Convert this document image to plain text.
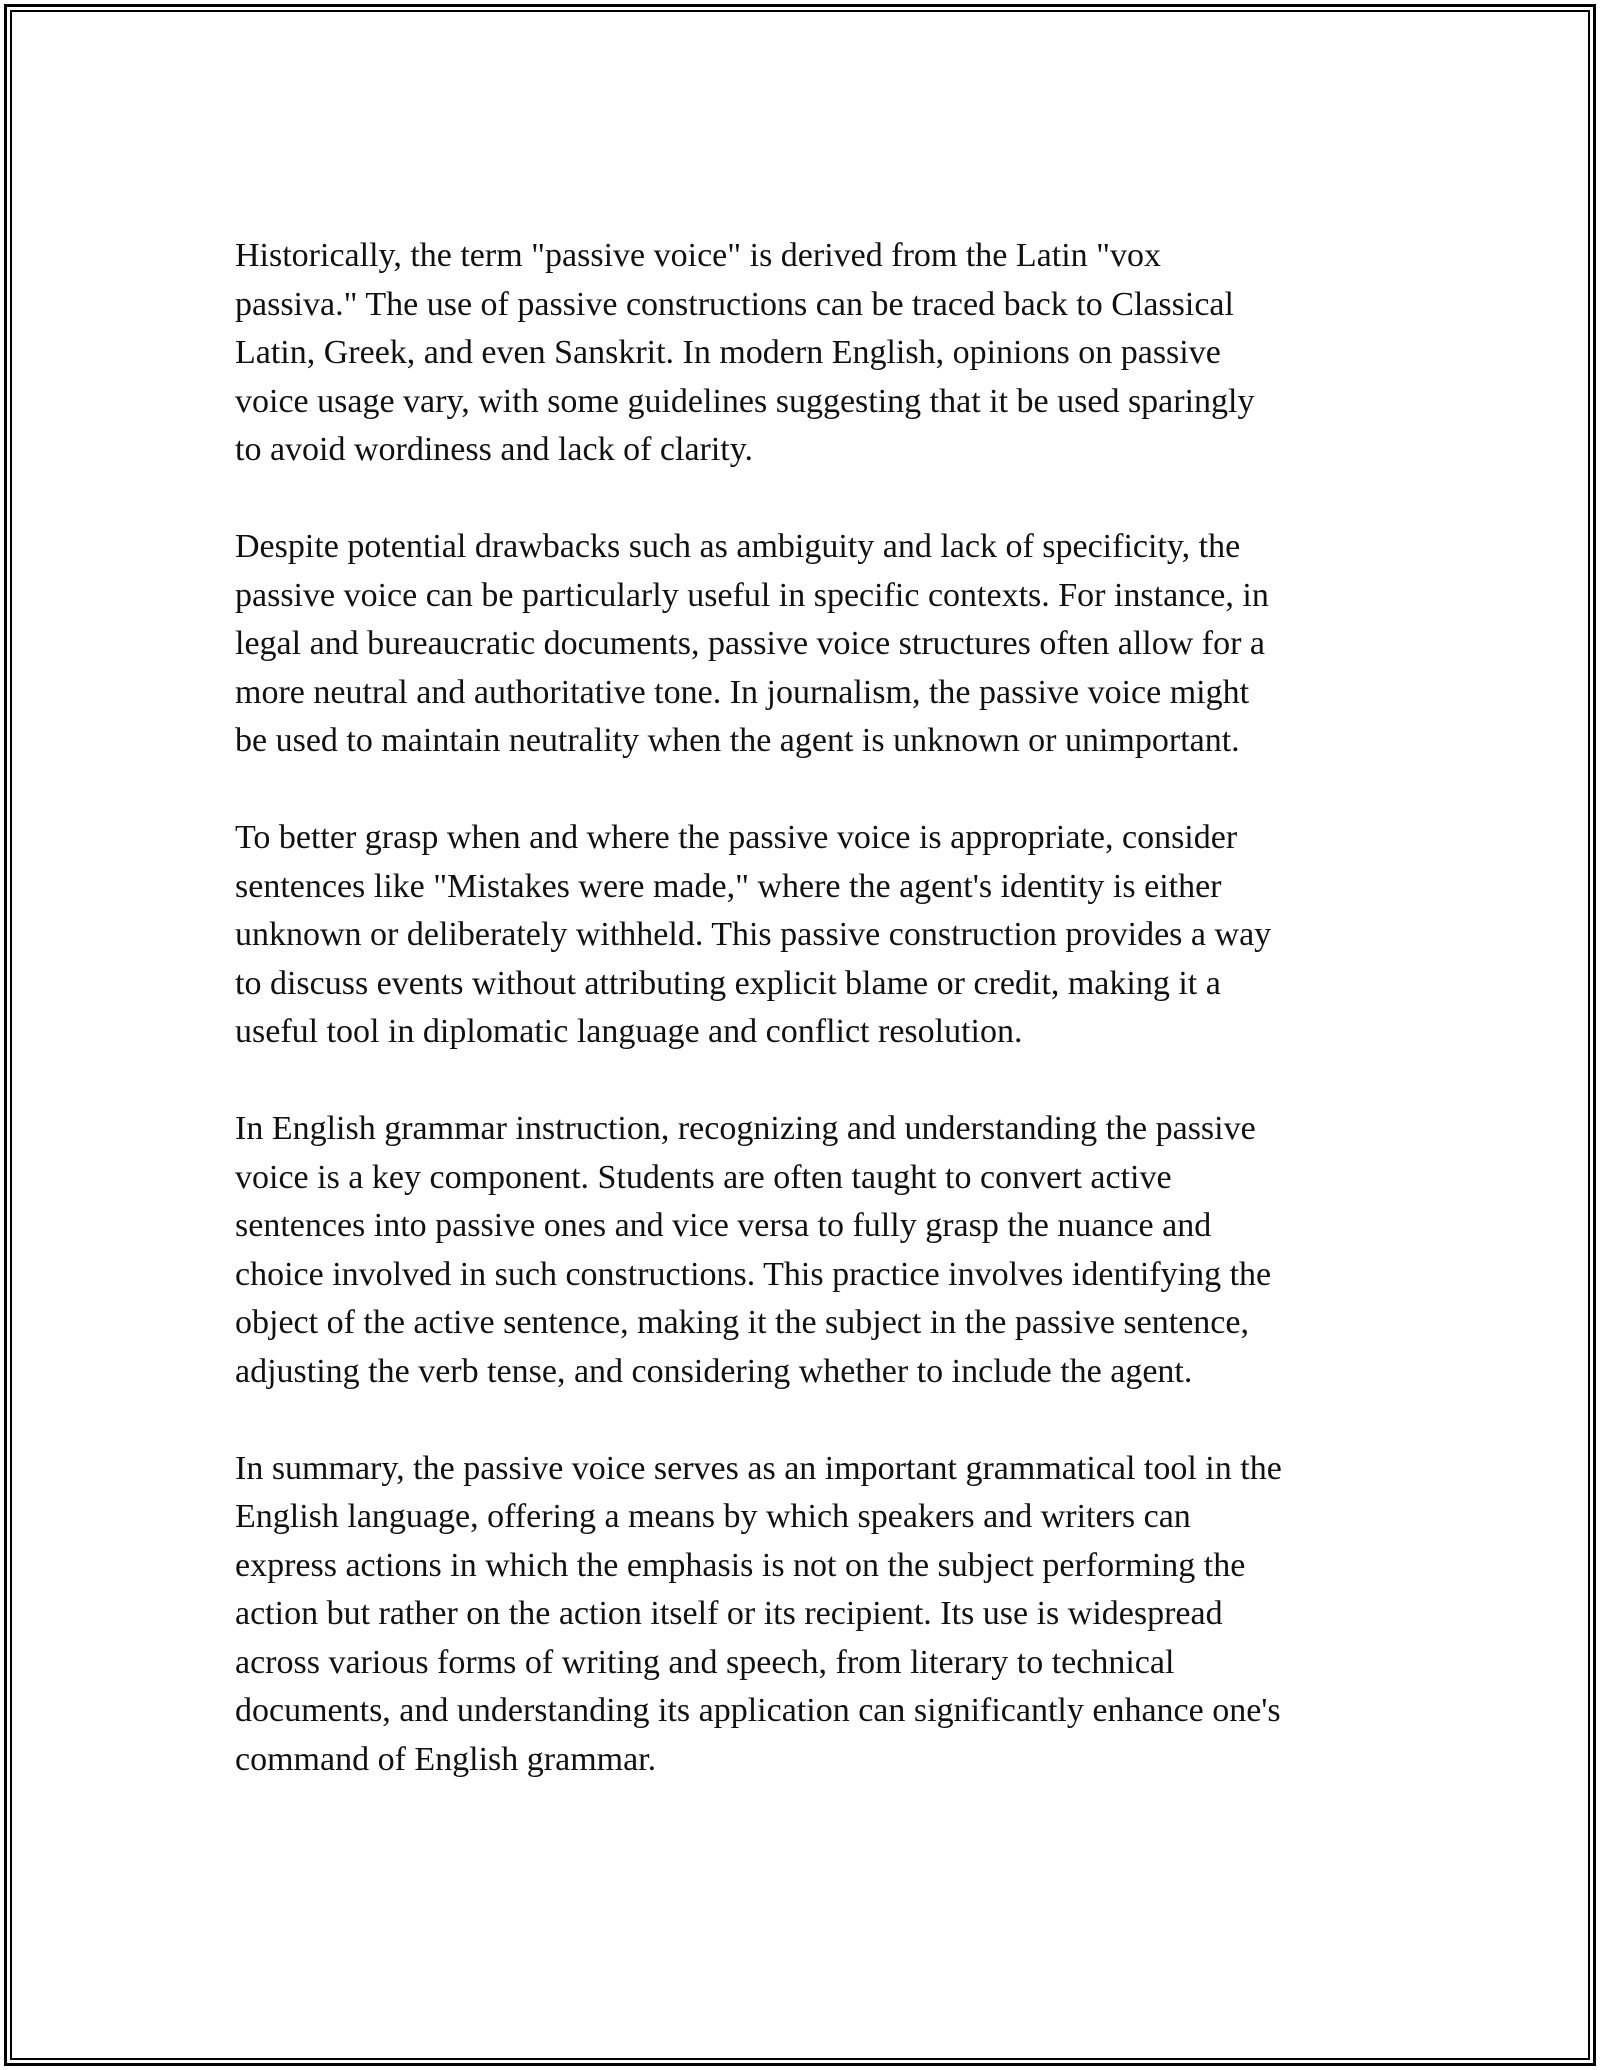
Historically, the term "passive voice" is derived from the Latin "vox
passiva." The use of passive constructions can be traced back to Classical
Latin, Greek, and even Sanskrit. In modern English, opinions on passive
voice usage vary, with some guidelines suggesting that it be used sparingly
to avoid wordiness and lack of clarity.

Despite potential drawbacks such as ambiguity and lack of specificity, the
passive voice can be particularly useful in specific contexts. For instance, in
legal and bureaucratic documents, passive voice structures often allow for a
more neutral and authoritative tone. In journalism, the passive voice might
be used to maintain neutrality when the agent is unknown or unimportant.

To better grasp when and where the passive voice is appropriate, consider
sentences like "Mistakes were made," where the agent's identity is either
unknown or deliberately withheld. This passive construction provides a way
to discuss events without attributing explicit blame or credit, making it a
useful tool in diplomatic language and conflict resolution.

In English grammar instruction, recognizing and understanding the passive
voice is a key component. Students are often taught to convert active
sentences into passive ones and vice versa to fully grasp the nuance and
choice involved in such constructions. This practice involves identifying the
object of the active sentence, making it the subject in the passive sentence,
adjusting the verb tense, and considering whether to include the agent.

In summary, the passive voice serves as an important grammatical tool in the
English language, offering a means by which speakers and writers can
express actions in which the emphasis is not on the subject performing the
action but rather on the action itself or its recipient. Its use is widespread
across various forms of writing and speech, from literary to technical
documents, and understanding its application can significantly enhance one's
command of English grammar.
